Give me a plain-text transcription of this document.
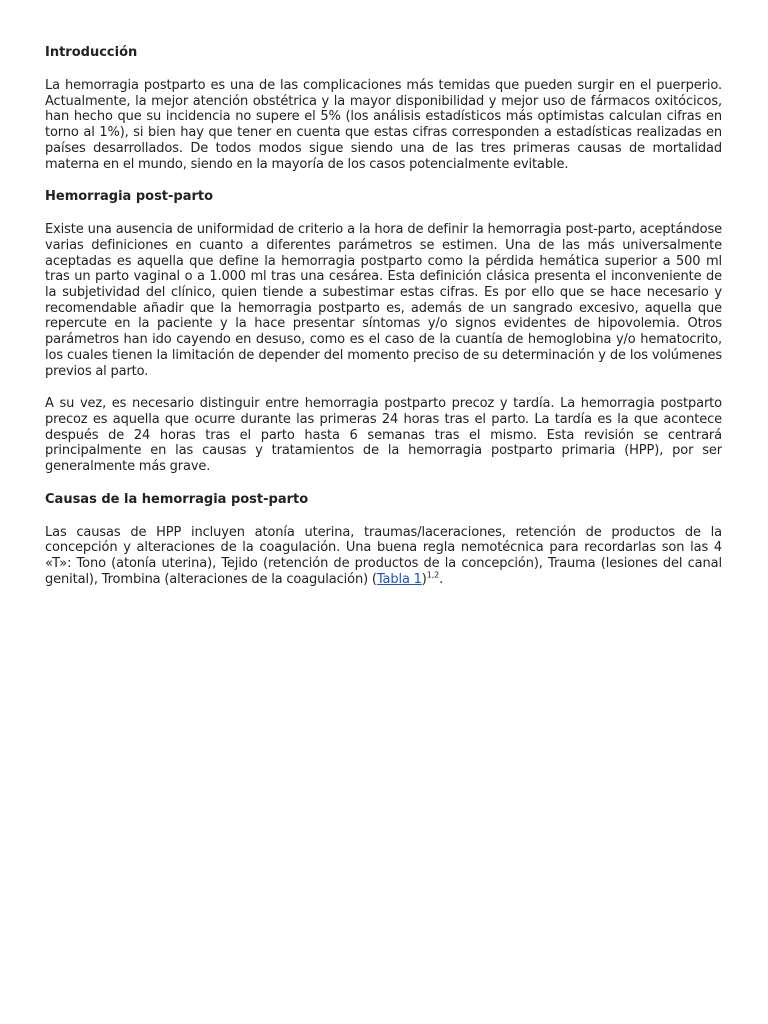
Introducción

La hemorragia postparto es una de las complicaciones más temidas que pueden surgir en el puerperio. Actualmente, la mejor atención obstétrica y la mayor disponibilidad y mejor uso de fármacos oxitócicos, han hecho que su incidencia no supere el 5% (los análisis estadísticos más optimistas calculan cifras en torno al 1%), si bien hay que tener en cuenta que estas cifras corresponden a estadísticas realizadas en países desarrollados. De todos modos sigue siendo una de las tres primeras causas de mortalidad materna en el mundo, siendo en la mayoría de los casos potencialmente evitable.

Hemorragia post-parto

Existe una ausencia de uniformidad de criterio a la hora de definir la hemorragia post-parto, aceptándose varias definiciones en cuanto a diferentes parámetros se estimen. Una de las más universalmente aceptadas es aquella que define la hemorragia postparto como la pérdida hemática superior a 500 ml tras un parto vaginal o a 1.000 ml tras una cesárea. Esta definición clásica presenta el inconveniente de la subjetividad del clínico, quien tiende a subestimar estas cifras. Es por ello que se hace necesario y recomendable añadir que la hemorragia postparto es, además de un sangrado excesivo, aquella que repercute en la paciente y la hace presentar síntomas y/o signos evidentes de hipovolemia. Otros parámetros han ido cayendo en desuso, como es el caso de la cuantía de hemoglobina y/o hematocrito, los cuales tienen la limitación de depender del momento preciso de su determinación y de los volúmenes previos al parto.

A su vez, es necesario distinguir entre hemorragia postparto precoz y tardía. La hemorragia postparto precoz es aquella que ocurre durante las primeras 24 horas tras el parto. La tardía es la que acontece después de 24 horas tras el parto hasta 6 semanas tras el mismo. Esta revisión se centrará principalmente en las causas y tratamientos de la hemorragia postparto primaria (HPP), por ser generalmente más grave.

Causas de la hemorragia post-parto

Las causas de HPP incluyen atonía uterina, traumas/laceraciones, retención de productos de la concepción y alteraciones de la coagulación. Una buena regla nemotécnica para recordarlas son las 4 «T»: Tono (atonía uterina), Tejido (retención de productos de la concepción), Trauma (lesiones del canal genital), Trombina (alteraciones de la coagulación) (Tabla 1)$^{1,2}$.
